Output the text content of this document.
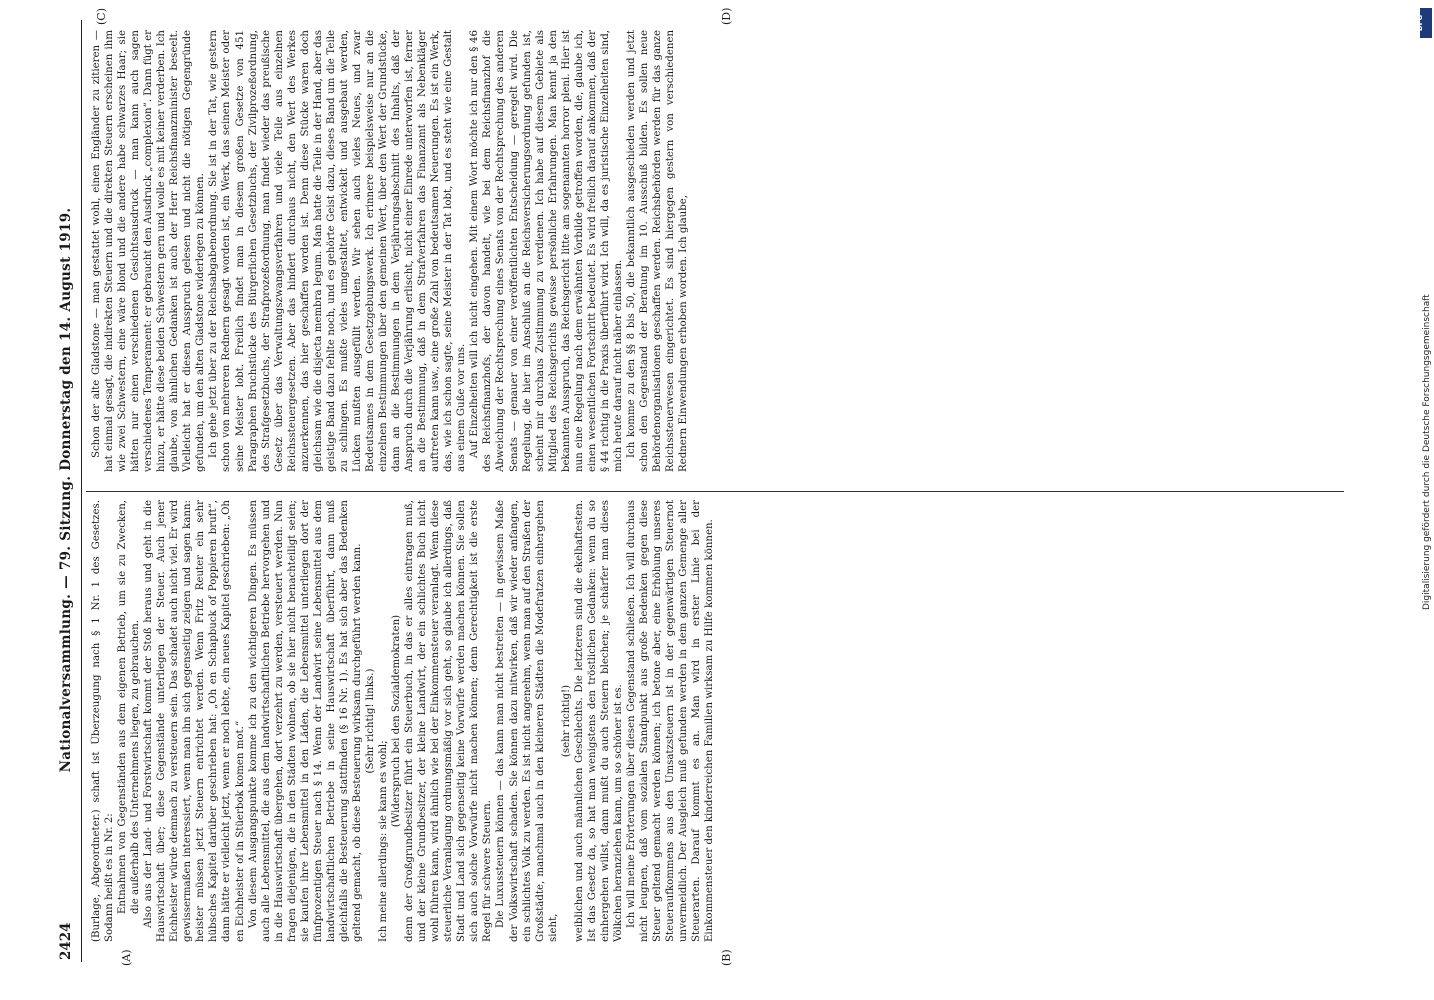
2424
Nationalversammlung. — 79. Sitzung. Donnerstag den 14. August 1919.
(A)	(B)
(C)	(D)

(Burlage, Abgeordneter.) schaft ist Überzeugung nach § 1 Nr. 1 des Gesetzes. Sodann heißt es in Nr. 2: Entnahmen von Gegenständen aus dem eigenen Betrieb, um sie zu Zwecken, die außerhalb des Unternehmens liegen, zu gebrauchen. Also aus der Land- und Forstwirtschaft kommt der Stoß heraus und geht in die Hauswirtschaft über; diese Gegenstände unterliegen der Steuer. Auch jener Eichheister würde demnach zu versteuern sein. Das schadet auch nicht viel. Er wird gewissermaßen interessiert, wenn man ihn sich gegenseitig zeigen und sagen kann: heister müssen jetzt Steuern entrichtet werden. Wenn Fritz Reuter ein sehr hübsches Kapitel darüber geschrieben hat: „Oh en Schapbuck of Poppieren bruft“, dann hätte er vielleicht jetzt, wenn er noch lebte, ein neues Kapitel geschrieben: „Oh en Eichheister of in Stüerbok komen mot.“ Von diesem Ausgangspunkte komme ich zu den wichtigeren Dingen. Es müssen auch alle Lebensmittel, die aus dem landwirtschaftlichen Betriebe hervorgehen und in die Hauswirtschaft übergehen, dort verzehrt zu werden, versteuert werden. Nun fragen diejenigen, die in den Städten wohnen, ob sie hier nicht benachteiligt seien; sie kaufen ihre Lebensmittel in den Läden, die Lebensmittel unterliegen dort der fünfprozentigen Steuer nach § 14. Wenn der Landwirt seine Lebensmittel aus dem landwirtschaftlichen Betriebe in seine Hauswirtschaft überführt, dann muß gleichfalls die Besteuerung stattfinden (§ 16 Nr. 1). Es hat sich aber das Bedenken geltend gemacht, ob diese Besteuerung wirksam durchgeführt werden kann. (Sehr richtig! links.)

Ich meine allerdings: sie kann es wohl;

(Widerspruch bei den Sozialdemokraten) denn der Großgrundbesitzer führt ein Steuerbuch, in das er alles eintragen muß, und der kleine Grundbesitzer, der kleine Landwirt, der ein schlichtes Buch nicht wohl führen kann, wird ähnlich wie bei der Einkommensteuer veranlagt. Wenn diese steuerliche Veranlagung ordnungsmäßig vor sich geht, so glaube ich allerdings, daß Stadt und Land sich gegenseitig keine Vorwürfe werden machen können. Sie sollen sich auch solche Vorwürfe nicht machen können; denn Gerechtigkeit ist die erste Regel für schwere Steuern. Die Luxussteuern können — das kann man nicht bestreiten — in gewissem Maße der Volkswirtschaft schaden. Sie können dazu mitwirken, daß wir wieder anfangen, ein schlichtes Volk zu werden. Es ist nicht angenehm, wenn man auf den Straßen der Großstädte, manchmal auch in den kleineren Städten die Modefratzen einhergehen sieht,

(sehr richtig!) weiblichen und auch männlichen Geschlechts. Die letzteren sind die ekelhaftesten. Ist das Gesetz da, so hat man wenigstens den tröstlichen Gedanken: wenn du so einhergehen willst, dann mußt du auch Steuern blechen; je schärfer man dieses Völkchen heranziehen kann, um so schöner ist es. Ich will meine Erörterungen über diesen Gegenstand schließen. Ich will durchaus nicht leugnen, daß vom sozialen Standpunkt aus große Bedenken gegen diese Steuer geltend gemacht werden können; ich betone aber, eine Erhöhung unseres Steueraufkommens aus den Umsatzsteuern ist in der gegenwärtigen Steuernot unvermeidlich. Der Ausgleich muß gefunden werden in dem ganzen Gemenge aller Steuerarten. Darauf kommt es an. Man wird in erster Linie bei der Einkommensteuer den kinderreichen Familien wirksam zu Hilfe kommen können.

Schon der alte Gladstone — man gestattet wohl, einen Engländer zu zitieren — hat einmal gesagt, die indirekten Steuern und die direkten Steuern erscheinen ihm wie zwei Schwestern, eine wäre blond und die andere habe schwarzes Haar; sie hätten nur einen verschiedenen Gesichtsausdruck — man kann auch sagen verschiedenes Temperament: er gebraucht den Ausdruck „complexion“. Dann fügt er hinzu, er hätte diese beiden Schwestern gern und wolle es mit keiner verderben. Ich glaube, von ähnlichen Gedanken ist auch der Herr Reichsfinanzminister beseelt. Vielleicht hat er diesen Ausspruch gelesen und nicht die nötigen Gegengründe gefunden, um den alten Gladstone widerlegen zu können. Ich gehe jetzt über zu der Reichsabgabenordnung. Sie ist in der Tat, wie gestern schon von mehreren Rednern gesagt worden ist, ein Werk, das seinen Meister oder seine Meister lobt. Freilich findet man in diesem großen Gesetze von 451 Paragraphen Bruchstücke des Bürgerlichen Gesetzbuchs, der Zivilprozeßordnung, des Strafgesetzbuchs, der Strafprozeßordnung, man findet wieder das preußische Gesetz über das Verwaltungszwangsverfahren und viele Teile aus einzelnen Reichssteuergesetzen. Aber das hindert durchaus nicht, den Wert des Werkes anzuerkennen, das hier geschaffen worden ist. Denn diese Stücke waren doch gleichsam wie die disjecta membra legum. Man hatte die Teile in der Hand, aber das geistige Band dazu fehlte noch, und es gehörte Geist dazu, dieses Band um die Teile zu schlingen. Es mußte vieles umgestaltet, entwickelt und ausgebaut werden, Lücken mußten ausgefüllt werden. Wir sehen auch vieles Neues, und zwar Bedeutsames in dem Gesetzgebungswerk. Ich erinnere beispielsweise nur an die einzelnen Bestimmungen über den gemeinen Wert, über den Wert der Grundstücke, dann an die Bestimmungen in dem Verjährungsabschnitt des Inhalts, daß der Anspruch durch die Verjährung erlischt, nicht einer Einrede unterworfen ist, ferner an die Bestimmung, daß in dem Strafverfahren das Finanzamt als Nebenkläger auftreten kann usw., eine große Zahl von bedeutsamen Neuerungen. Es ist ein Werk, das, wie ich schon sagte, seine Meister in der Tat lobt, und es steht wie eine Gestalt aus einem Guße vor uns. Auf Einzelheiten will ich nicht eingehen. Mit einem Wort möchte ich nur den § 46 des Reichsfinanzhofs, der davon handelt, wie bei dem Reichsfinanzhof die Abweichung der Rechtsprechung eines Senats von der Rechtsprechung des anderen Senats — genauer von einer veröffentlichten Entscheidung — geregelt wird. Die Regelung, die hier im Anschluß an die Reichsversicherungsordnung gefunden ist, scheint mir durchaus Zustimmung zu verdienen. Ich habe auf diesem Gebiete als Mitglied des Reichsgerichts gewisse persönliche Erfahrungen. Man kennt ja den bekannten Ausspruch, das Reichsgericht litte am sogenannten horror pleni. Hier ist nun eine Regelung nach dem erwähnten Vorbilde getroffen worden, die, glaube ich, einen wesentlichen Fortschritt bedeutet. Es wird freilich darauf ankommen, daß der § 44 richtig in die Praxis überführt wird. Ich will, da es juristische Einzelheiten sind, mich heute darauf nicht näher einlassen. Ich komme zu den §§ 8 bis 50, die bekanntlich ausgeschieden werden und jetzt schon den Gegenstand der Beratung im 10. Ausschuß bilden. Es sollen neue Behördenorganisationen geschaffen werden. Reichsbehörden werden für das ganze Reichssteuerwesen eingerichtet. Es sind hiergegen gestern von verschiedenen Rednern Einwendungen erhoben worden. Ich glaube,

DFG
Digitalisierung gefördert durch die Deutsche Forschungsgemeinschaft
